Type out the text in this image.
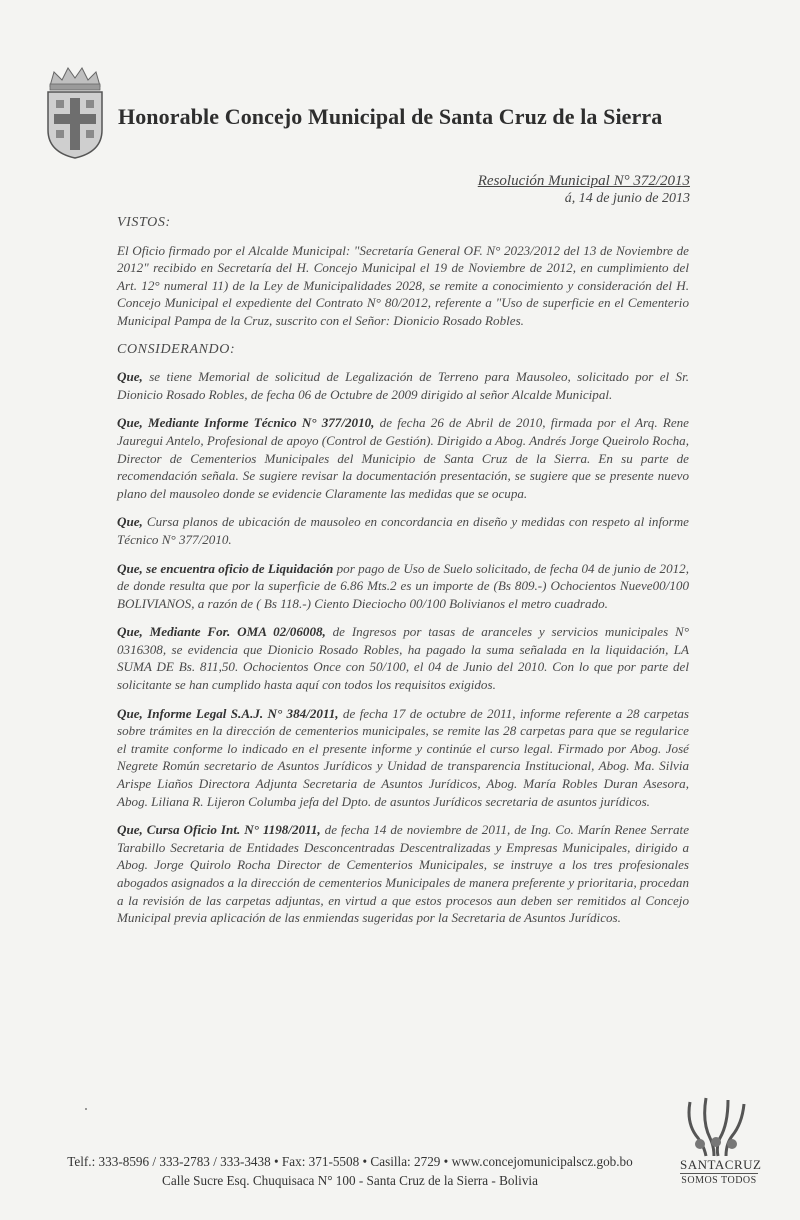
Honorable Concejo Municipal de Santa Cruz de la Sierra
Resolución Municipal N° 372/2013
á, 14 de junio de 2013
VISTOS:

El Oficio firmado por el Alcalde Municipal: "Secretaría General OF. N° 2023/2012 del 13 de Noviembre de 2012" recibido en Secretaría del H. Concejo Municipal el 19 de Noviembre de 2012, en cumplimiento del Art. 12° numeral 11) de la Ley de Municipalidades 2028, se remite a conocimiento y consideración del H. Concejo Municipal el expediente del Contrato N° 80/2012, referente a "Uso de superficie en el Cementerio Municipal Pampa de la Cruz, suscrito con el Señor: Dionicio Rosado Robles.

CONSIDERANDO:

Que, se tiene Memorial de solicitud de Legalización de Terreno para Mausoleo, solicitado por el Sr. Dionicio Rosado Robles, de fecha 06 de Octubre de 2009 dirigido al señor Alcalde Municipal.

Que, Mediante Informe Técnico N° 377/2010, de fecha 26 de Abril de 2010, firmada por el Arq. Rene Jauregui Antelo, Profesional de apoyo (Control de Gestión). Dirigido a Abog. Andrés Jorge Queirolo Rocha, Director de Cementerios Municipales del Municipio de Santa Cruz de la Sierra. En su parte de recomendación señala. Se sugiere revisar la documentación presentación, se sugiere que se presente nuevo plano del mausoleo donde se evidencie Claramente las medidas que se ocupa.

Que, Cursa planos de ubicación de mausoleo en concordancia en diseño y medidas con respeto al informe Técnico N° 377/2010.

Que, se encuentra oficio de Liquidación por pago de Uso de Suelo solicitado, de fecha 04 de junio de 2012, de donde resulta que por la superficie de 6.86 Mts.2 es un importe de (Bs 809.-) Ochocientos Nueve00/100 BOLIVIANOS, a razón de ( Bs 118.-) Ciento Dieciocho 00/100 Bolivianos el metro cuadrado.

Que, Mediante For. OMA 02/06008, de Ingresos por tasas de aranceles y servicios municipales N° 0316308, se evidencia que Dionicio Rosado Robles, ha pagado la suma señalada en la liquidación, LA SUMA DE Bs. 811,50. Ochocientos Once con 50/100, el 04 de Junio del 2010. Con lo que por parte del solicitante se han cumplido hasta aquí con todos los requisitos exigidos.

Que, Informe Legal S.A.J. N° 384/2011, de fecha 17 de octubre de 2011, informe referente a 28 carpetas sobre trámites en la dirección de cementerios municipales, se remite las 28 carpetas para que se regularice el tramite conforme lo indicado en el presente informe y continúe el curso legal. Firmado por Abog. José Negrete Romún secretario de Asuntos Jurídicos y Unidad de transparencia Institucional, Abog. Ma. Silvia Arispe Liaños Directora Adjunta Secretaria de Asuntos Jurídicos, Abog. María Robles Duran Asesora, Abog. Liliana R. Lijeron Columba jefa del Dpto. de asuntos Jurídicos secretaria de asuntos jurídicos.

Que, Cursa Oficio Int. N° 1198/2011, de fecha 14 de noviembre de 2011, de Ing. Co. Marín Renee Serrate Tarabillo Secretaria de Entidades Desconcentradas Descentralizadas y Empresas Municipales, dirigido a Abog. Jorge Quirolo Rocha Director de Cementerios Municipales, se instruye a los tres profesionales abogados asignados a la dirección de cementerios Municipales de manera preferente y prioritaria, procedan a la revisión de las carpetas adjuntas, en virtud a que estos procesos aun deben ser remitidos al Concejo Municipal previa aplicación de las enmiendas sugeridas por la Secretaria de Asuntos Jurídicos.

Telf.: 333-8596 / 333-2783 / 333-3438 • Fax: 371-5508 • Casilla: 2729 • www.concejomunicipalscz.gob.bo
Calle Sucre Esq. Chuquisaca N° 100 - Santa Cruz de la Sierra - Bolivia
SANTACRUZ
SOMOS TODOS
